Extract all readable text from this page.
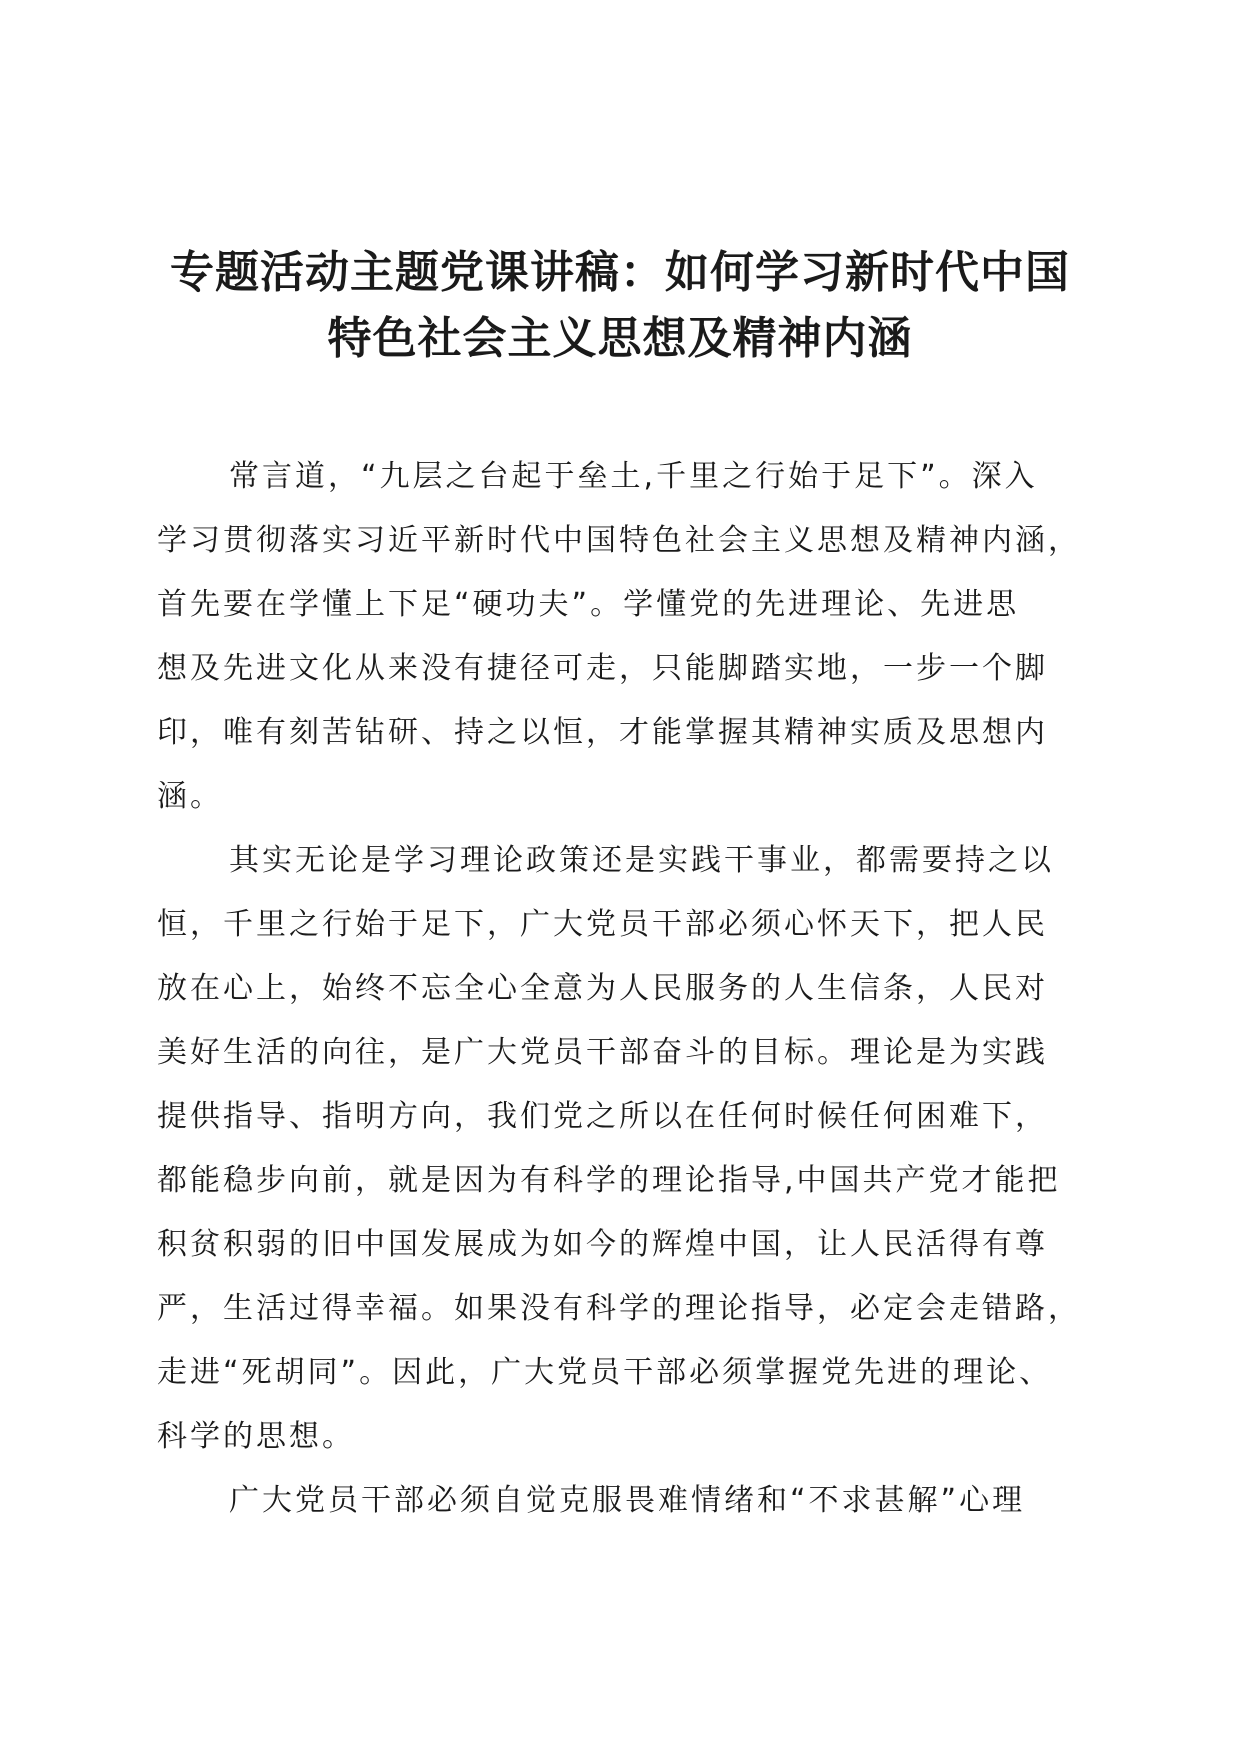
专题活动主题党课讲稿：如何学习新时代中国
特色社会主义思想及精神内涵
常言道，“九层之台起于垒土,千里之行始于足下”。深入
学习贯彻落实习近平新时代中国特色社会主义思想及精神内涵，
首先要在学懂上下足“硬功夫”。学懂党的先进理论、先进思
想及先进文化从来没有捷径可走，只能脚踏实地，一步一个脚
印，唯有刻苦钻研、持之以恒，才能掌握其精神实质及思想内
涵。
其实无论是学习理论政策还是实践干事业，都需要持之以
恒，千里之行始于足下，广大党员干部必须心怀天下，把人民
放在心上，始终不忘全心全意为人民服务的人生信条，人民对
美好生活的向往，是广大党员干部奋斗的目标。理论是为实践
提供指导、指明方向，我们党之所以在任何时候任何困难下，
都能稳步向前，就是因为有科学的理论指导,中国共产党才能把
积贫积弱的旧中国发展成为如今的辉煌中国，让人民活得有尊
严，生活过得幸福。如果没有科学的理论指导，必定会走错路，
走进“死胡同”。因此，广大党员干部必须掌握党先进的理论、
科学的思想。
广大党员干部必须自觉克服畏难情绪和“不求甚解”心理
